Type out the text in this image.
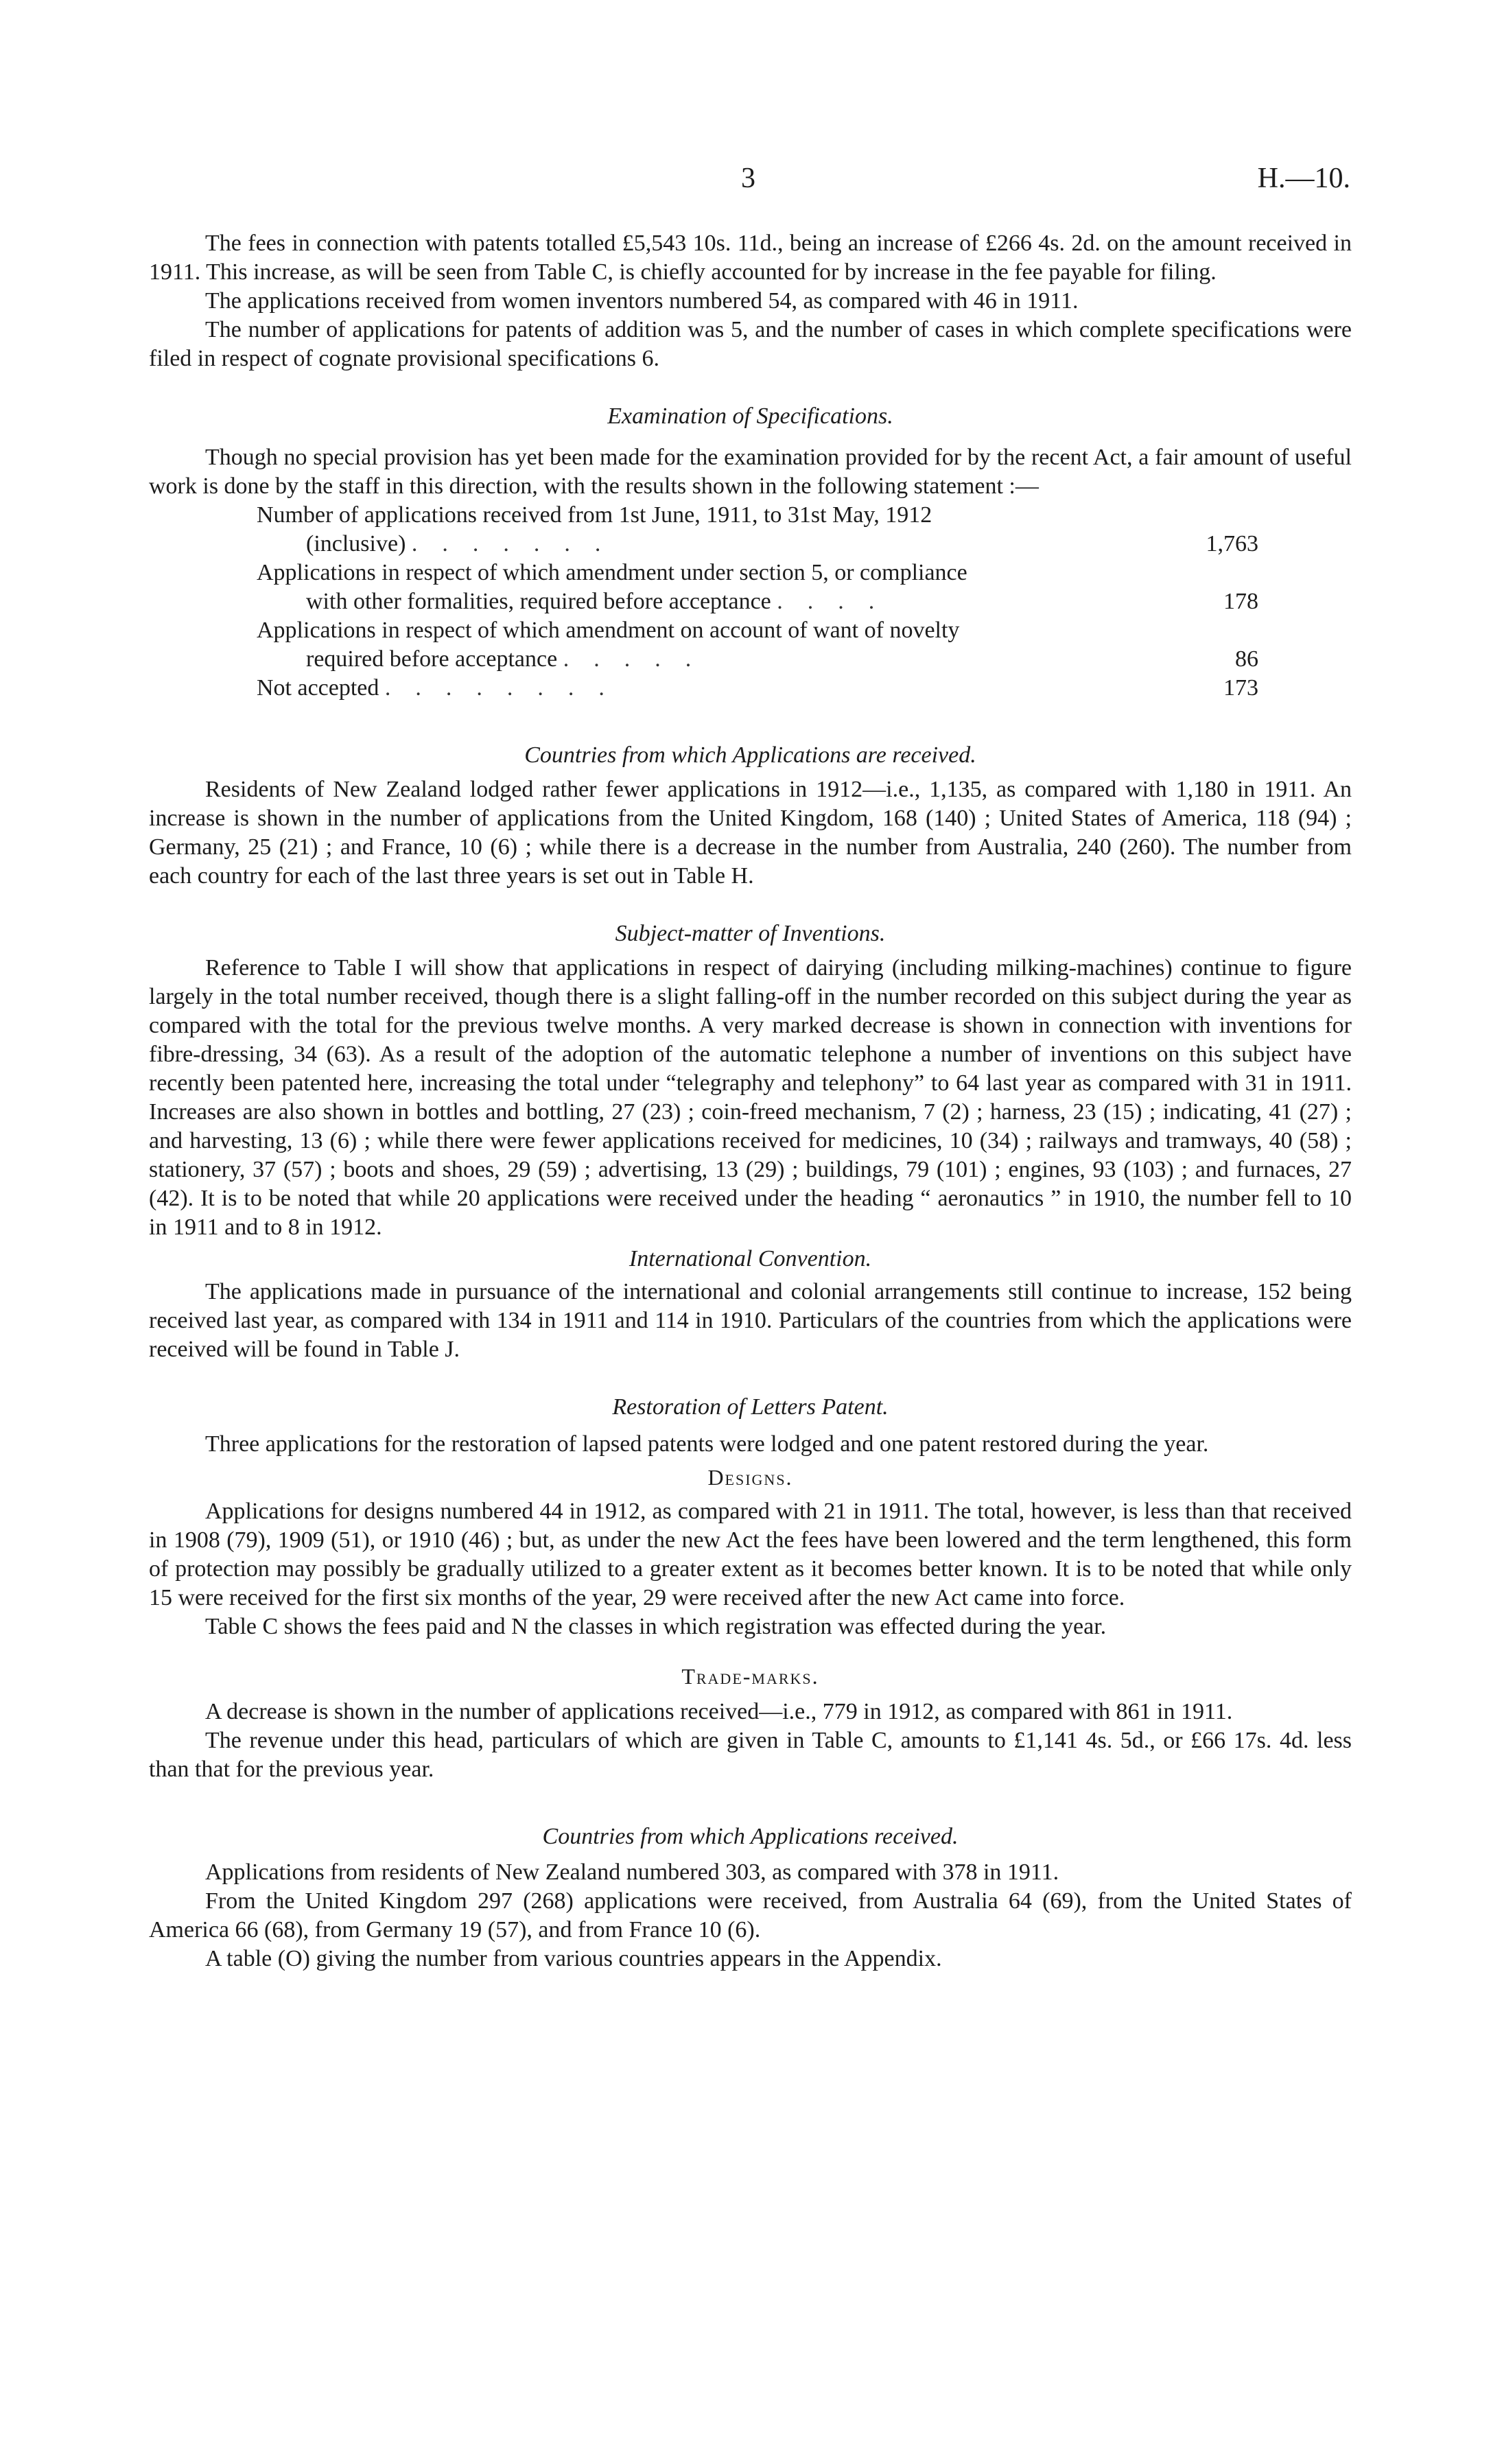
3	H.—10.

The fees in connection with patents totalled £5,543 10s. 11d., being an increase of £266 4s. 2d. on the amount received in 1911. This increase, as will be seen from Table C, is chiefly accounted for by increase in the fee payable for filing.

The applications received from women inventors numbered 54, as compared with 46 in 1911.

The number of applications for patents of addition was 5, and the number of cases in which complete specifications were filed in respect of cognate provisional specifications 6.

Examination of Specifications.

Though no special provision has yet been made for the examination provided for by the recent Act, a fair amount of useful work is done by the staff in this direction, with the results shown in the following statement :—

Number of applications received from 1st June, 1911, to 31st May, 1912
(inclusive) .......	1,763
Applications in respect of which amendment under section 5, or compliance
with other formalities, required before acceptance ....	178
Applications in respect of which amendment on account of want of novelty
required before acceptance .....	86
Not accepted ........	173
Countries from which Applications are received.

Residents of New Zealand lodged rather fewer applications in 1912—i.e., 1,135, as compared with 1,180 in 1911. An increase is shown in the number of applications from the United Kingdom, 168 (140) ; United States of America, 118 (94) ; Germany, 25 (21) ; and France, 10 (6) ; while there is a decrease in the number from Australia, 240 (260). The number from each country for each of the last three years is set out in Table H.

Subject-matter of Inventions.

Reference to Table I will show that applications in respect of dairying (including milking-machines) continue to figure largely in the total number received, though there is a slight falling-off in the number recorded on this subject during the year as compared with the total for the previous twelve months. A very marked decrease is shown in connection with inventions for fibre-dressing, 34 (63). As a result of the adoption of the automatic telephone a number of inventions on this subject have recently been patented here, increasing the total under “telegraphy and telephony” to 64 last year as compared with 31 in 1911. Increases are also shown in bottles and bottling, 27 (23) ; coin-freed mechanism, 7 (2) ; harness, 23 (15) ; indicating, 41 (27) ; and harvesting, 13 (6) ; while there were fewer applications received for medicines, 10 (34) ; railways and tramways, 40 (58) ; stationery, 37 (57) ; boots and shoes, 29 (59) ; advertising, 13 (29) ; buildings, 79 (101) ; engines, 93 (103) ; and furnaces, 27 (42). It is to be noted that while 20 applications were received under the heading “ aeronautics ” in 1910, the number fell to 10 in 1911 and to 8 in 1912.

International Convention.

The applications made in pursuance of the international and colonial arrangements still continue to increase, 152 being received last year, as compared with 134 in 1911 and 114 in 1910. Particulars of the countries from which the applications were received will be found in Table J.

Restoration of Letters Patent.

Three applications for the restoration of lapsed patents were lodged and one patent restored during the year.

Designs.

Applications for designs numbered 44 in 1912, as compared with 21 in 1911. The total, however, is less than that received in 1908 (79), 1909 (51), or 1910 (46) ; but, as under the new Act the fees have been lowered and the term lengthened, this form of protection may possibly be gradually utilized to a greater extent as it becomes better known. It is to be noted that while only 15 were received for the first six months of the year, 29 were received after the new Act came into force.

Table C shows the fees paid and N the classes in which registration was effected during the year.

Trade-marks.

A decrease is shown in the number of applications received—i.e., 779 in 1912, as compared with 861 in 1911.

The revenue under this head, particulars of which are given in Table C, amounts to £1,141 4s. 5d., or £66 17s. 4d. less than that for the previous year.

Countries from which Applications received.

Applications from residents of New Zealand numbered 303, as compared with 378 in 1911.

From the United Kingdom 297 (268) applications were received, from Australia 64 (69), from the United States of America 66 (68), from Germany 19 (57), and from France 10 (6).

A table (O) giving the number from various countries appears in the Appendix.
